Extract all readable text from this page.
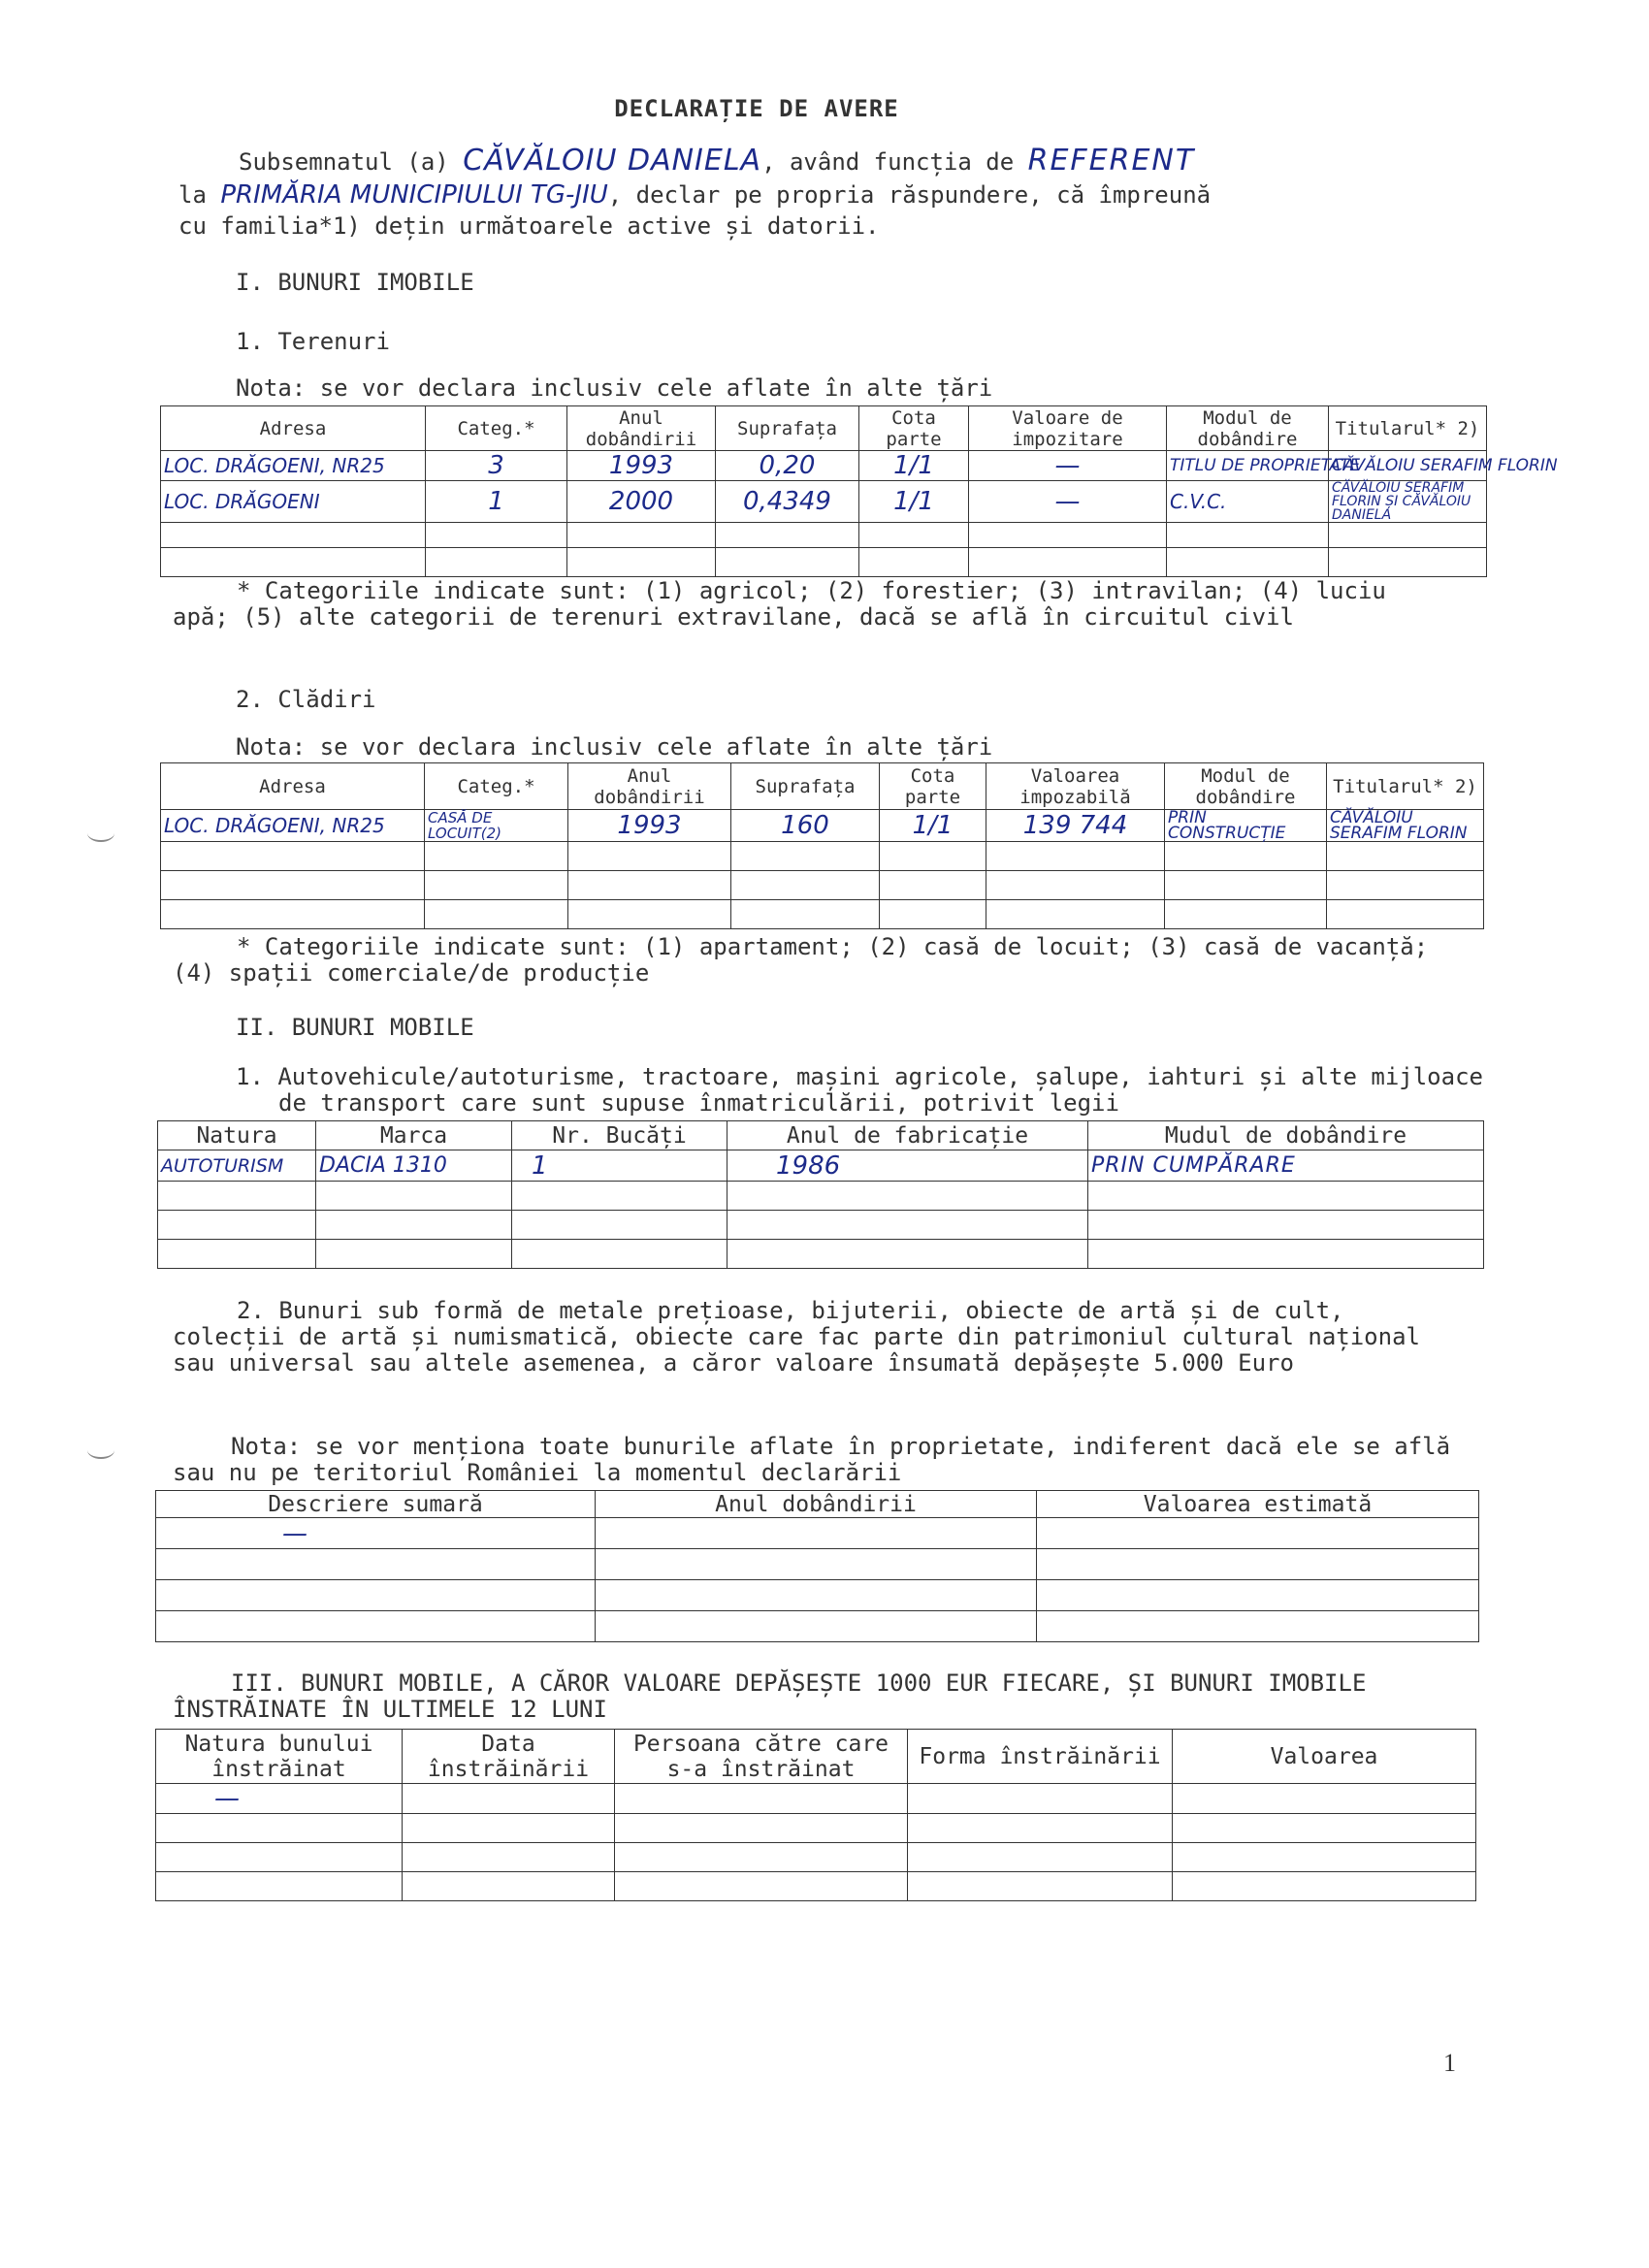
DECLARAȚIE DE AVERE
Subsemnatul (a) CĂVĂLOIU DANIELA, având funcția de REFERENT
la PRIMĂRIA MUNICIPIULUI TG-JIU, declar pe propria răspundere, că împreună
cu familia*1) dețin următoarele active și datorii.
I. BUNURI IMOBILE
1. Terenuri
Nota: se vor declara inclusiv cele aflate în alte țări
Adresa	Categ.*	Anul dobândirii	Suprafața	Cota parte	Valoare de impozitare	Modul de dobândire	Titularul* 2)
LOC. DRĂGOENI, NR25	3	1993	0,20	1/1	—	TITLU DE PROPRIETATE	CĂVĂLOIU SERAFIM FLORIN
LOC. DRĂGOENI	1	2000	0,4349	1/1	—	C.V.C.	CĂVĂLOIU SERAFIM FLORIN ȘI CĂVĂLOIU DANIELA

* Categoriile indicate sunt: (1) agricol; (2) forestier; (3) intravilan; (4) luciu apă; (5) alte categorii de terenuri extravilane, dacă se află în circuitul civil
2. Clădiri
Nota: se vor declara inclusiv cele aflate în alte țări
Adresa	Categ.*	Anul dobândirii	Suprafața	Cota parte	Valoarea impozabilă	Modul de dobândire	Titularul* 2)
LOC. DRĂGOENI, NR25	CASĂ DE LOCUIT(2)	1993	160	1/1	139 744	PRIN CONSTRUCȚIE	CĂVĂLOIU SERAFIM FLORIN

* Categoriile indicate sunt: (1) apartament; (2) casă de locuit; (3) casă de vacanță; (4) spații comerciale/de producție
II. BUNURI MOBILE
1. Autovehicule/autoturisme, tractoare, mașini agricole, șalupe, iahturi și alte mijloace de transport care sunt supuse înmatriculării, potrivit legii
Natura	Marca	Nr. Bucăți	Anul de fabricație	Mudul de dobândire
AUTOTURISM	DACIA 1310	1	1986	PRIN CUMPĂRARE

2. Bunuri sub formă de metale prețioase, bijuterii, obiecte de artă și de cult, colecții de artă și numismatică, obiecte care fac parte din patrimoniul cultural național sau universal sau altele asemenea, a căror valoare însumată depășește 5.000 Euro
Nota: se vor menționa toate bunurile aflate în proprietate, indiferent dacă ele se află sau nu pe teritoriul României la momentul declarării
Descriere sumară	Anul dobândirii	Valoarea estimată
—		

III. BUNURI MOBILE, A CĂROR VALOARE DEPĂȘEȘTE 1000 EUR FIECARE, ȘI BUNURI IMOBILE ÎNSTRĂINATE ÎN ULTIMELE 12 LUNI
Natura bunului înstrăinat	Data înstrăinării	Persoana către care s-a înstrăinat	Forma înstrăinării	Valoarea
—				

1
